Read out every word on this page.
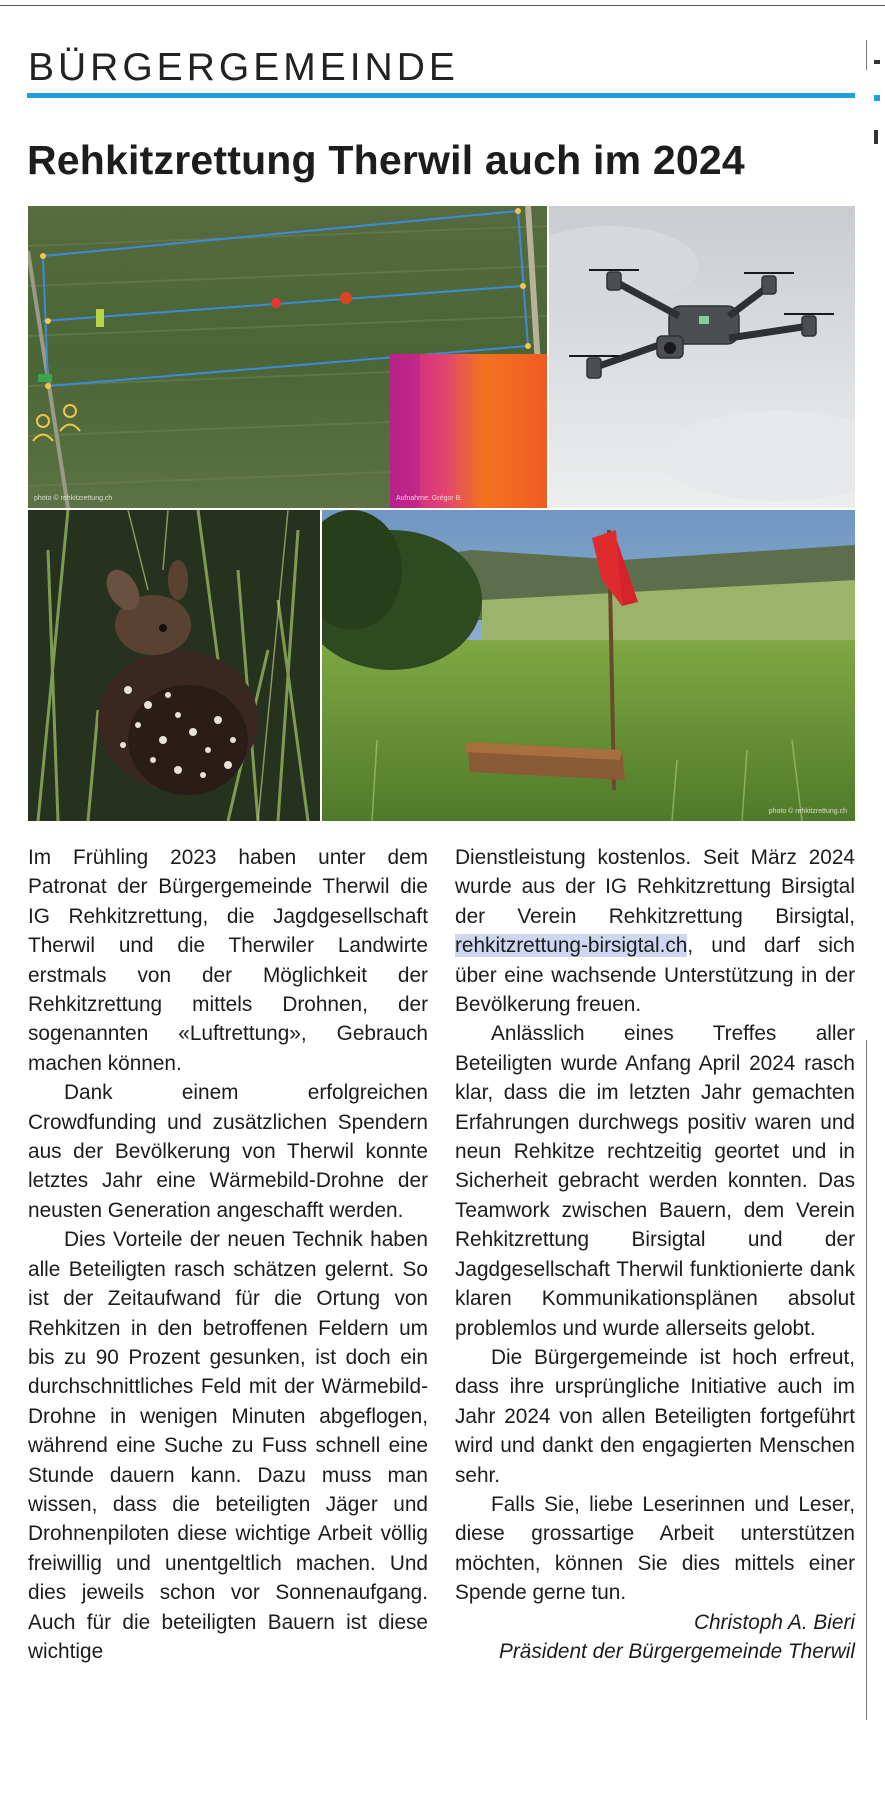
BÜRGERGEMEINDE
Rehkitzrettung Therwil auch im 2024
photo © rehkitzrettung.ch	Aufnahme: Grégor B.
photo © rehkitzrettung.ch

Im Frühling 2023 haben unter dem Patronat der Bürgergemeinde Therwil die IG Rehkitzrettung, die Jagdgesellschaft Therwil und die Therwiler Landwirte erstmals von der Möglichkeit der Rehkitzrettung mittels Drohnen, der sogenannten «Luftrettung», Gebrauch machen können.

Dank einem erfolgreichen Crowdfunding und zusätzlichen Spendern aus der Bevölkerung von Therwil konnte letztes Jahr eine Wärmebild-Drohne der neusten Generation angeschafft werden.

Dies Vorteile der neuen Technik haben alle Beteiligten rasch schätzen gelernt. So ist der Zeitaufwand für die Ortung von Rehkitzen in den betroffenen Feldern um bis zu 90 Prozent gesunken, ist doch ein durchschnittliches Feld mit der Wärmebild-Drohne in wenigen Minuten abgeflogen, während eine Suche zu Fuss schnell eine Stunde dauern kann. Dazu muss man wissen, dass die beteiligten Jäger und Drohnenpiloten diese wichtige Arbeit völlig freiwillig und unentgeltlich machen. Und dies jeweils schon vor Sonnenaufgang. Auch für die beteiligten Bauern ist diese wichtige

Dienstleistung kostenlos. Seit März 2024 wurde aus der IG Rehkitzrettung Birsigtal der Verein Rehkitzrettung Birsigtal, rehkitzrettung-birsigtal.ch, und darf sich über eine wachsende Unterstützung in der Bevölkerung freuen.

Anlässlich eines Treffes aller Beteiligten wurde Anfang April 2024 rasch klar, dass die im letzten Jahr gemachten Erfahrungen durchwegs positiv waren und neun Rehkitze rechtzeitig geortet und in Sicherheit gebracht werden konnten. Das Teamwork zwischen Bauern, dem Verein Rehkitzrettung Birsigtal und der Jagdgesellschaft Therwil funktionierte dank klaren Kommunikationsplänen absolut problemlos und wurde allerseits gelobt.

Die Bürgergemeinde ist hoch erfreut, dass ihre ursprüngliche Initiative auch im Jahr 2024 von allen Beteiligten fortgeführt wird und dankt den engagierten Menschen sehr.

Falls Sie, liebe Leserinnen und Leser, diese grossartige Arbeit unterstützen möchten, können Sie dies mittels einer Spende gerne tun.

Christoph A. Bieri

Präsident der Bürgergemeinde Therwil
